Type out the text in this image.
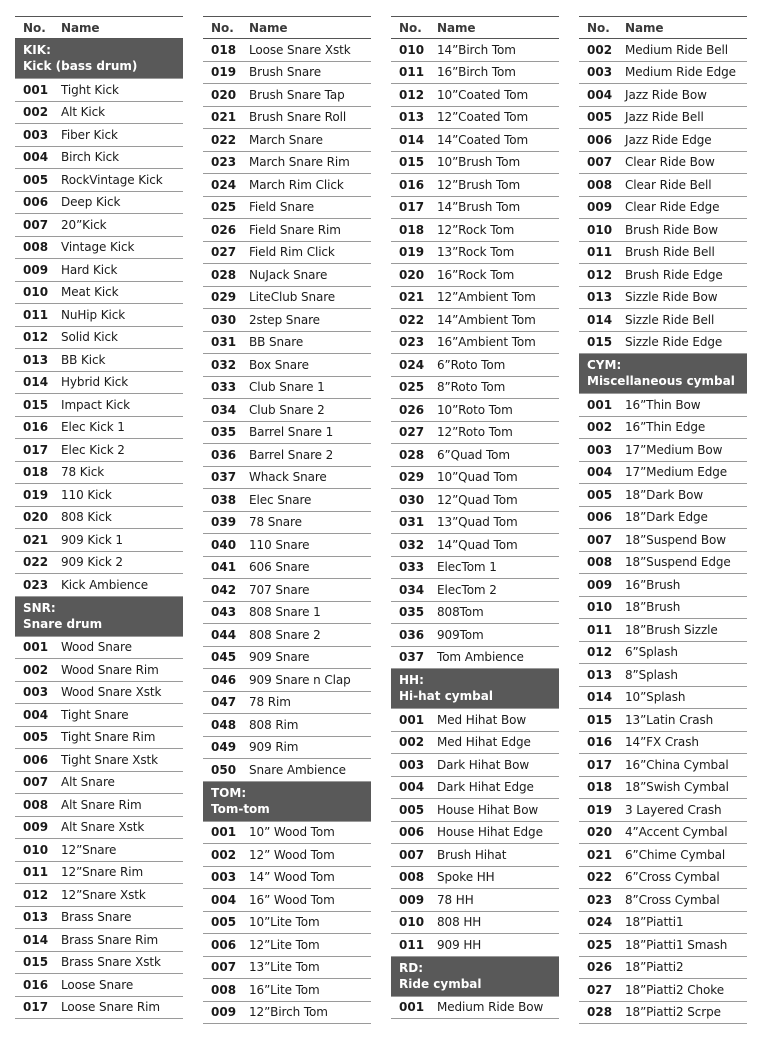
No.	Name
KIK:
Kick (bass drum)
001	Tight Kick
002	Alt Kick
003	Fiber Kick
004	Birch Kick
005	RockVintage Kick
006	Deep Kick
007	20”Kick
008	Vintage Kick
009	Hard Kick
010	Meat Kick
011	NuHip Kick
012	Solid Kick
013	BB Kick
014	Hybrid Kick
015	Impact Kick
016	Elec Kick 1
017	Elec Kick 2
018	78 Kick
019	110 Kick
020	808 Kick
021	909 Kick 1
022	909 Kick 2
023	Kick Ambience
SNR:
Snare drum
001	Wood Snare
002	Wood Snare Rim
003	Wood Snare Xstk
004	Tight Snare
005	Tight Snare Rim
006	Tight Snare Xstk
007	Alt Snare
008	Alt Snare Rim
009	Alt Snare Xstk
010	12”Snare
011	12”Snare Rim
012	12”Snare Xstk
013	Brass Snare
014	Brass Snare Rim
015	Brass Snare Xstk
016	Loose Snare
017	Loose Snare Rim
No.	Name
018	Loose Snare Xstk
019	Brush Snare
020	Brush Snare Tap
021	Brush Snare Roll
022	March Snare
023	March Snare Rim
024	March Rim Click
025	Field Snare
026	Field Snare Rim
027	Field Rim Click
028	NuJack Snare
029	LiteClub Snare
030	2step Snare
031	BB Snare
032	Box Snare
033	Club Snare 1
034	Club Snare 2
035	Barrel Snare 1
036	Barrel Snare 2
037	Whack Snare
038	Elec Snare
039	78 Snare
040	110 Snare
041	606 Snare
042	707 Snare
043	808 Snare 1
044	808 Snare 2
045	909 Snare
046	909 Snare n Clap
047	78 Rim
048	808 Rim
049	909 Rim
050	Snare Ambience
TOM:
Tom-tom
001	10” Wood Tom
002	12” Wood Tom
003	14” Wood Tom
004	16” Wood Tom
005	10”Lite Tom
006	12”Lite Tom
007	13”Lite Tom
008	16”Lite Tom
009	12”Birch Tom
No.	Name
010	14”Birch Tom
011	16”Birch Tom
012	10”Coated Tom
013	12”Coated Tom
014	14”Coated Tom
015	10”Brush Tom
016	12”Brush Tom
017	14”Brush Tom
018	12”Rock Tom
019	13”Rock Tom
020	16”Rock Tom
021	12”Ambient Tom
022	14”Ambient Tom
023	16”Ambient Tom
024	6”Roto Tom
025	8”Roto Tom
026	10”Roto Tom
027	12”Roto Tom
028	6”Quad Tom
029	10”Quad Tom
030	12”Quad Tom
031	13”Quad Tom
032	14”Quad Tom
033	ElecTom 1
034	ElecTom 2
035	808Tom
036	909Tom
037	Tom Ambience
HH:
Hi-hat cymbal
001	Med Hihat Bow
002	Med Hihat Edge
003	Dark Hihat Bow
004	Dark Hihat Edge
005	House Hihat Bow
006	House Hihat Edge
007	Brush Hihat
008	Spoke HH
009	78 HH
010	808 HH
011	909 HH
RD:
Ride cymbal
001	Medium Ride Bow
No.	Name
002	Medium Ride Bell
003	Medium Ride Edge
004	Jazz Ride Bow
005	Jazz Ride Bell
006	Jazz Ride Edge
007	Clear Ride Bow
008	Clear Ride Bell
009	Clear Ride Edge
010	Brush Ride Bow
011	Brush Ride Bell
012	Brush Ride Edge
013	Sizzle Ride Bow
014	Sizzle Ride Bell
015	Sizzle Ride Edge
CYM:
Miscellaneous cymbal
001	16”Thin Bow
002	16”Thin Edge
003	17”Medium Bow
004	17”Medium Edge
005	18”Dark Bow
006	18”Dark Edge
007	18”Suspend Bow
008	18”Suspend Edge
009	16”Brush
010	18”Brush
011	18”Brush Sizzle
012	6”Splash
013	8”Splash
014	10”Splash
015	13”Latin Crash
016	14”FX Crash
017	16”China Cymbal
018	18”Swish Cymbal
019	3 Layered Crash
020	4”Accent Cymbal
021	6”Chime Cymbal
022	6”Cross Cymbal
023	8”Cross Cymbal
024	18”Piatti1
025	18”Piatti1 Smash
026	18”Piatti2
027	18”Piatti2 Choke
028	18”Piatti2 Scrpe
